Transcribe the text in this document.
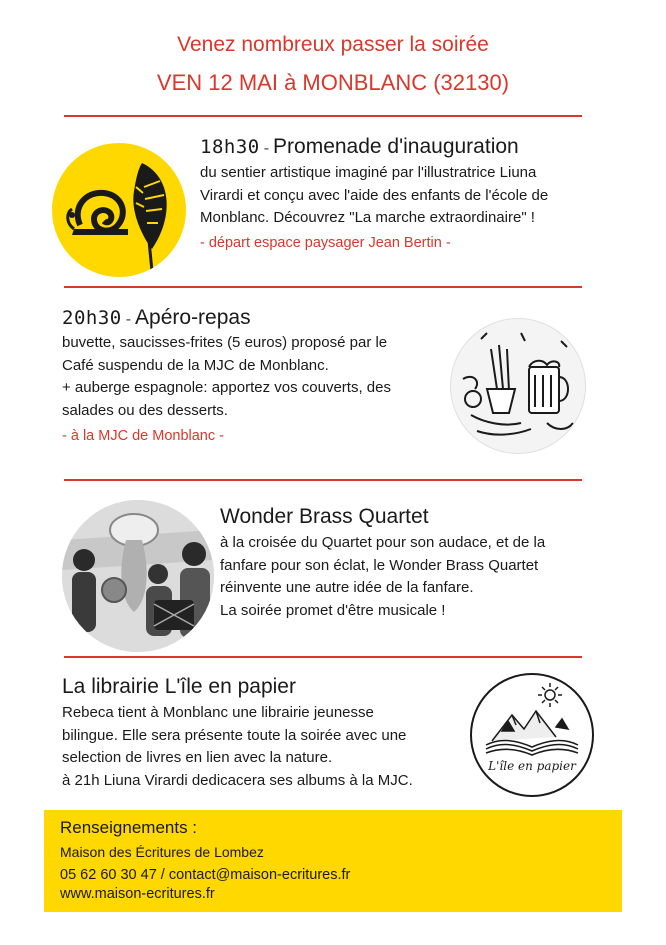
Venez nombreux passer la soirée
VEN 12 MAI à MONBLANC (32130)
18h30 - Promenade d'inauguration
du sentier artistique imaginé par l'illustratrice Liuna
Virardi et conçu avec l'aide des enfants de l'école de
Monblanc. Découvrez "La marche extraordinaire" !
- départ espace paysager Jean Bertin -
20h30 - Apéro-repas
buvette, saucisses-frites (5 euros) proposé par le
Café suspendu de la MJC de Monblanc.
+ auberge espagnole: apportez vos couverts, des
salades ou des desserts.
- à la MJC de Monblanc -
Wonder Brass Quartet
à la croisée du Quartet pour son audace, et de la
fanfare pour son éclat, le Wonder Brass Quartet
réinvente une autre idée de la fanfare.
La soirée promet d'être musicale !
La librairie L'île en papier
Rebeca tient à Monblanc une librairie jeunesse
bilingue. Elle sera présente toute la soirée avec une
selection de livres en lien avec la nature.
à 21h Liuna Virardi dedicacera ses albums à la MJC.
L'île en papier
Renseignements :
Maison des Écritures de Lombez
05 62 60 30 47 / contact@maison-ecritures.fr
www.maison-ecritures.fr
